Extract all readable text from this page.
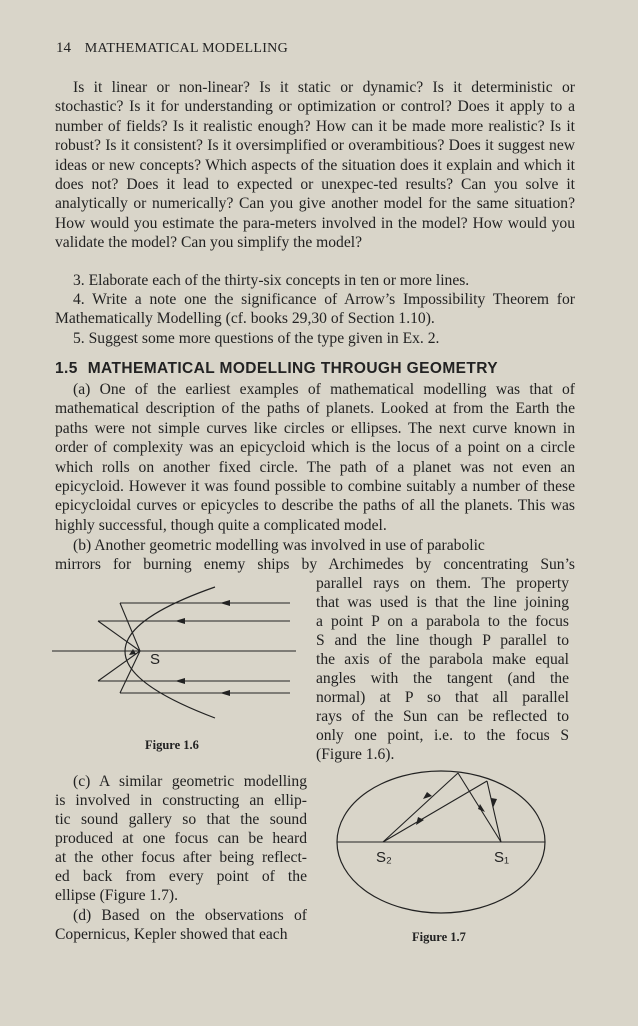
14 MATHEMATICAL MODELLING

Is it linear or non-linear? Is it static or dynamic? Is it deterministic or stochastic? Is it for understanding or optimization or control? Does it apply to a number of fields? Is it realistic enough? How can it be made more realistic? Is it robust? Is it consistent? Is it oversimplified or overambitious? Does it suggest new ideas or new concepts? Which aspects of the situation does it explain and which it does not? Does it lead to expected or unexpec-ted results? Can you solve it analytically or numerically? Can you give another model for the same situation? How would you estimate the para-meters involved in the model? How would you validate the model? Can you simplify the model?

3. Elaborate each of the thirty-six concepts in ten or more lines.

4. Write a note one the significance of Arrow’s Impossibility Theorem for Mathematically Modelling (cf. books 29,30 of Section 1.10).

5. Suggest some more questions of the type given in Ex. 2.

1.5 MATHEMATICAL MODELLING THROUGH GEOMETRY

(a) One of the earliest examples of mathematical modelling was that of mathematical description of the paths of planets. Looked at from the Earth the paths were not simple curves like circles or ellipses. The next curve known in order of complexity was an epicycloid which is the locus of a point on a circle which rolls on another fixed circle. The path of a planet was not even an epicycloid. However it was found possible to combine suitably a number of these epicycloidal curves or epicycles to describe the paths of all the planets. This was highly successful, though quite a complicated model.

(b) Another geometric modelling was involved in use of parabolic

mirrors for burning enemy ships by Archimedes by concentrating Sun’s

parallel rays on them. The property

that was used is that the line joining

a point P on a parabola to the focus

S and the line though P parallel to

the axis of the parabola make equal

angles with the tangent (and the

normal) at P so that all parallel

rays of the Sun can be reflected to

only one point, i.e. to the focus S

(Figure 1.6).

S
Figure 1.6

(c) A similar geometric modelling

is involved in constructing an ellip-

tic sound gallery so that the sound

produced at one focus can be heard

at the other focus after being reflect-

ed back from every point of the

ellipse (Figure 1.7).

(d) Based on the observations of

Copernicus, Kepler showed that each

S₂	S₁
Figure 1.7
